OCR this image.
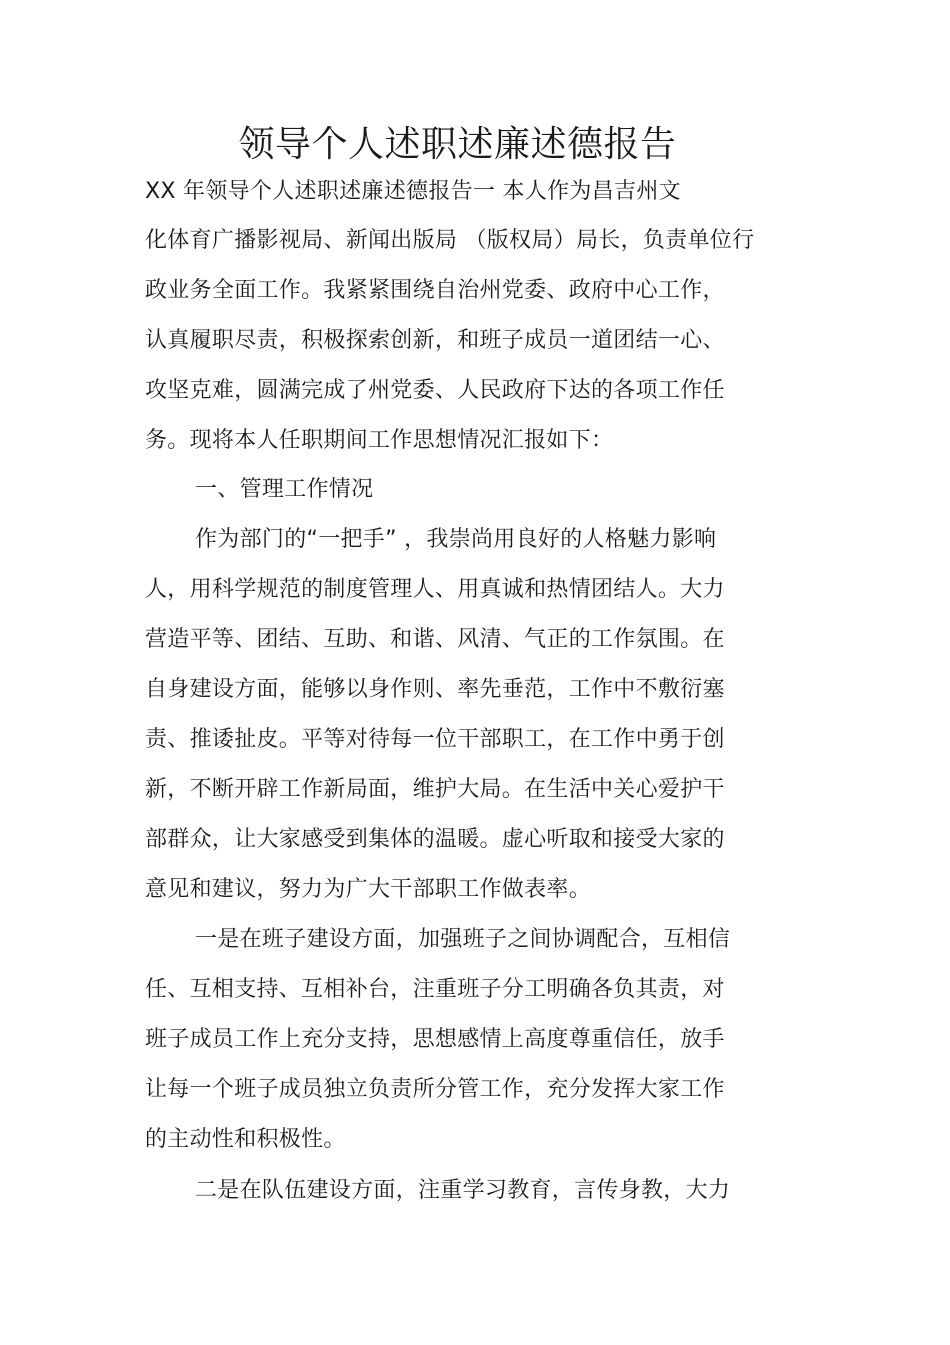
领导个人述职述廉述德报告
XX 年领导个人述职述廉述德报告一 本人作为昌吉州文
化体育广播影视局、新闻出版局 （版权局）局长，负责单位行
政业务全面工作。我紧紧围绕自治州党委、政府中心工作，
认真履职尽责，积极探索创新，和班子成员一道团结一心、
攻坚克难，圆满完成了州党委、人民政府下达的各项工作任
务。现将本人任职期间工作思想情况汇报如下：
一、管理工作情况
作为部门的“一把手” ，我崇尚用良好的人格魅力影响
人，用科学规范的制度管理人、用真诚和热情团结人。大力
营造平等、团结、互助、和谐、风清、气正的工作氛围。在
自身建设方面，能够以身作则、率先垂范，工作中不敷衍塞
责、推诿扯皮。平等对待每一位干部职工，在工作中勇于创
新，不断开辟工作新局面，维护大局。在生活中关心爱护干
部群众，让大家感受到集体的温暖。虚心听取和接受大家的
意见和建议，努力为广大干部职工作做表率。
一是在班子建设方面，加强班子之间协调配合，互相信
任、互相支持、互相补台，注重班子分工明确各负其责，对
班子成员工作上充分支持，思想感情上高度尊重信任，放手
让每一个班子成员独立负责所分管工作，充分发挥大家工作
的主动性和积极性。
二是在队伍建设方面，注重学习教育，言传身教，大力
